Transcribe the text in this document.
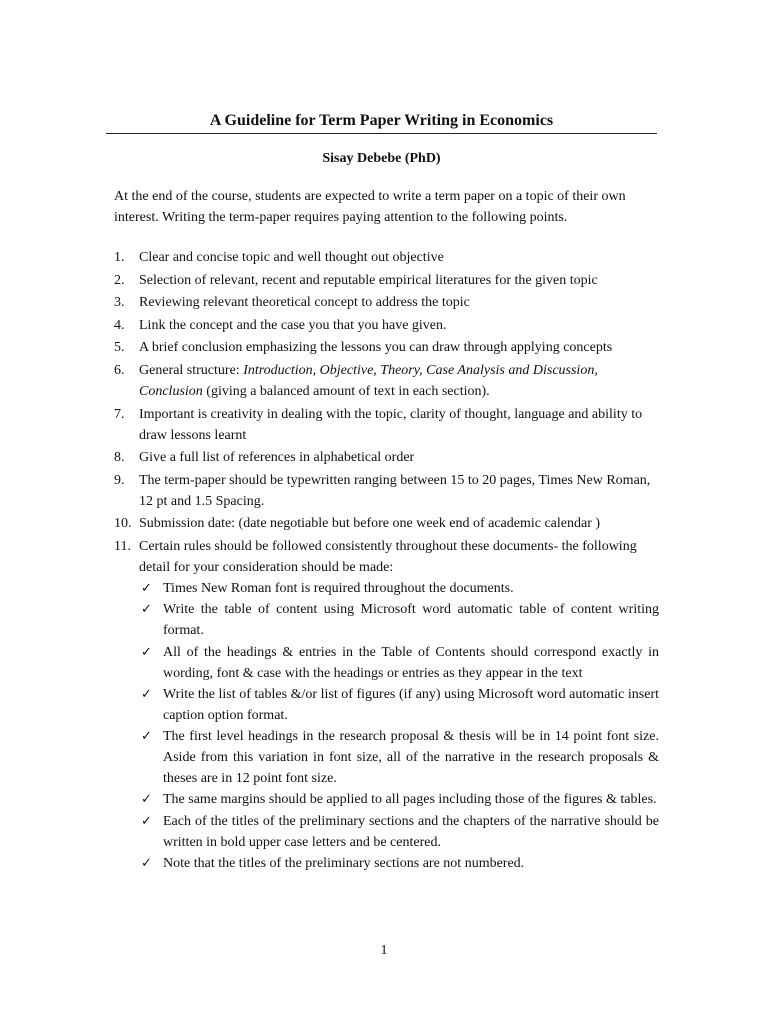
A Guideline for Term Paper Writing in Economics
Sisay Debebe (PhD)

At the end of the course, students are expected to write a term paper on a topic of their own interest. Writing the term-paper requires paying attention to the following points.

1. Clear and concise topic and well thought out objective
2. Selection of relevant, recent and reputable empirical literatures for the given topic
3. Reviewing relevant theoretical concept to address the topic
4. Link the concept and the case you that you have given.
5. A brief conclusion emphasizing the lessons you can draw through applying concepts
6. General structure: Introduction, Objective, Theory, Case Analysis and Discussion, Conclusion (giving a balanced amount of text in each section).
7. Important is creativity in dealing with the topic, clarity of thought, language and ability to draw lessons learnt
8. Give a full list of references in alphabetical order
9. The term-paper should be typewritten ranging between 15 to 20 pages, Times New Roman, 12 pt and 1.5 Spacing.
10. Submission date: (date negotiable but before one week end of academic calendar )
11. Certain rules should be followed consistently throughout these documents- the following detail for your consideration should be made:
✓ Times New Roman font is required throughout the documents.
✓ Write the table of content using Microsoft word automatic table of content writing format.
✓ All of the headings & entries in the Table of Contents should correspond exactly in wording, font & case with the headings or entries as they appear in the text
✓ Write the list of tables &/or list of figures (if any) using Microsoft word automatic insert caption option format.
✓ The first level headings in the research proposal & thesis will be in 14 point font size. Aside from this variation in font size, all of the narrative in the research proposals & theses are in 12 point font size.
✓ The same margins should be applied to all pages including those of the figures & tables.
✓ Each of the titles of the preliminary sections and the chapters of the narrative should be written in bold upper case letters and be centered.
✓ Note that the titles of the preliminary sections are not numbered.
1
